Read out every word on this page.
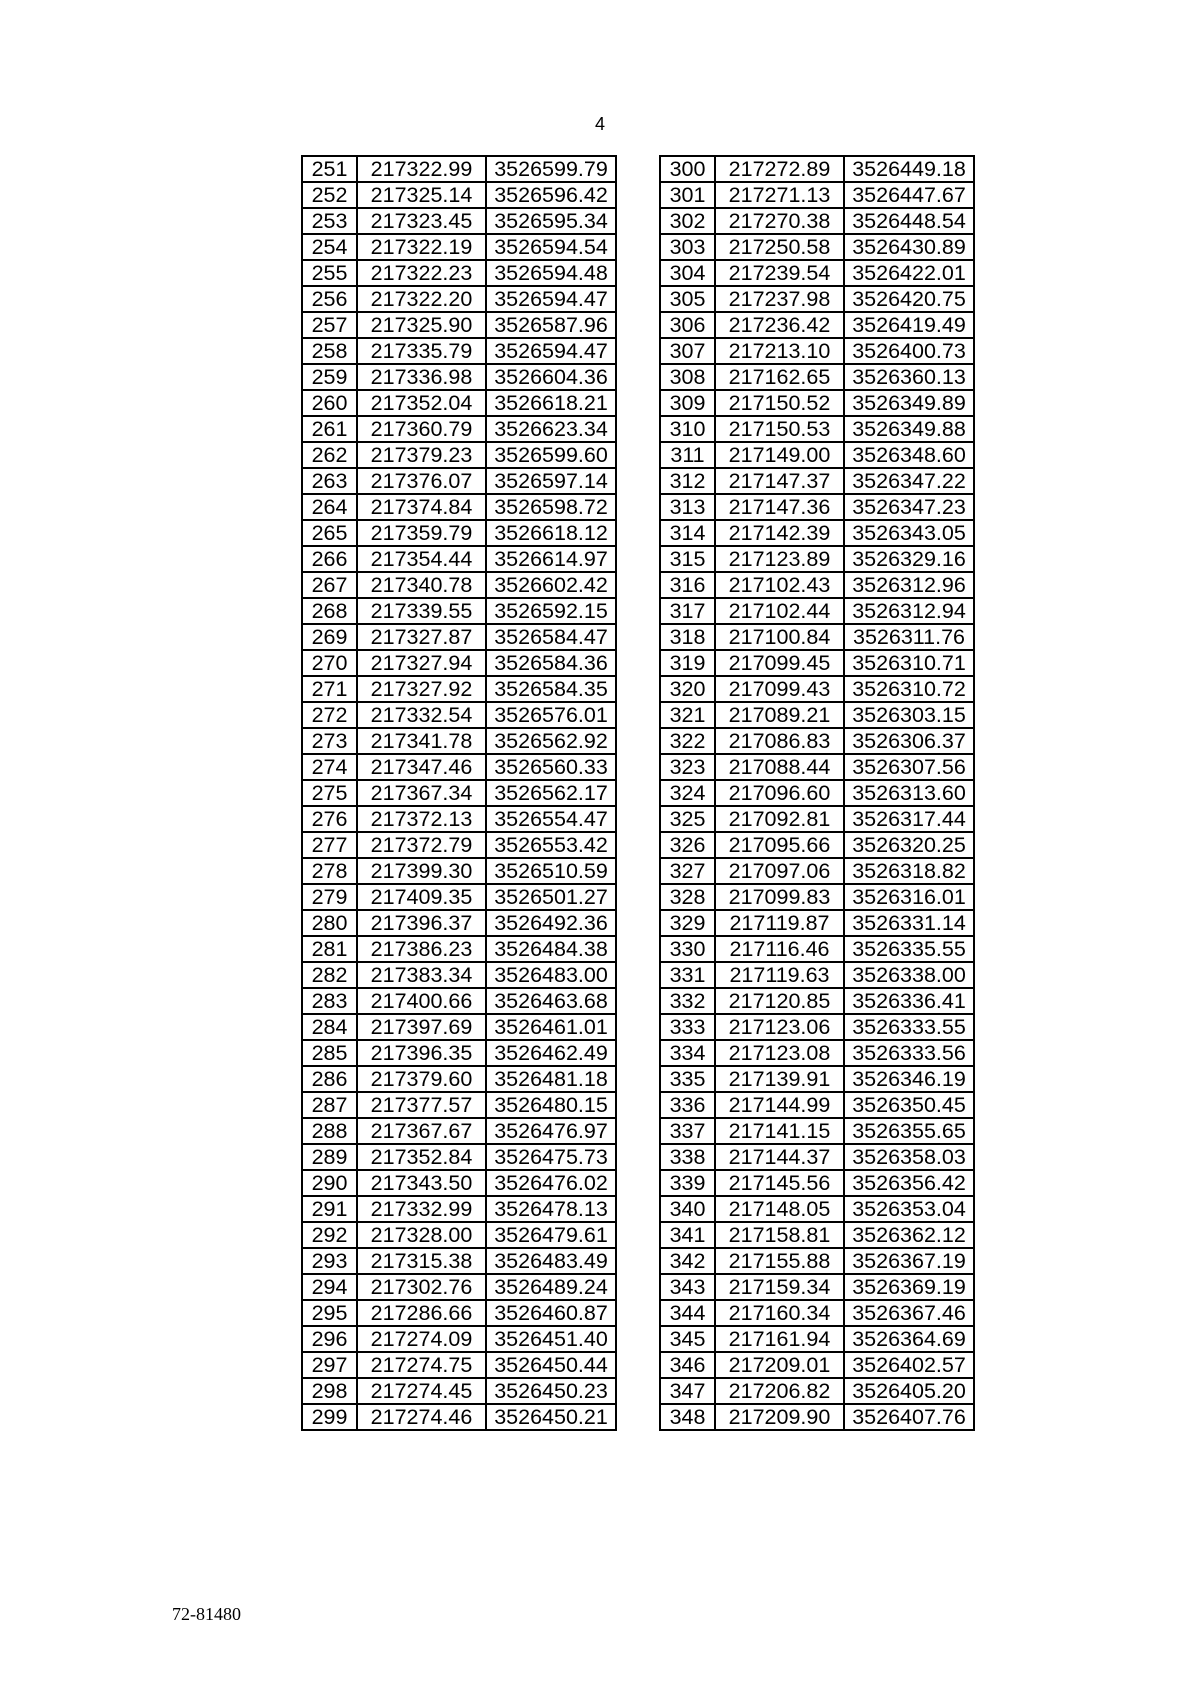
4
251	217322.99	3526599.79
252	217325.14	3526596.42
253	217323.45	3526595.34
254	217322.19	3526594.54
255	217322.23	3526594.48
256	217322.20	3526594.47
257	217325.90	3526587.96
258	217335.79	3526594.47
259	217336.98	3526604.36
260	217352.04	3526618.21
261	217360.79	3526623.34
262	217379.23	3526599.60
263	217376.07	3526597.14
264	217374.84	3526598.72
265	217359.79	3526618.12
266	217354.44	3526614.97
267	217340.78	3526602.42
268	217339.55	3526592.15
269	217327.87	3526584.47
270	217327.94	3526584.36
271	217327.92	3526584.35
272	217332.54	3526576.01
273	217341.78	3526562.92
274	217347.46	3526560.33
275	217367.34	3526562.17
276	217372.13	3526554.47
277	217372.79	3526553.42
278	217399.30	3526510.59
279	217409.35	3526501.27
280	217396.37	3526492.36
281	217386.23	3526484.38
282	217383.34	3526483.00
283	217400.66	3526463.68
284	217397.69	3526461.01
285	217396.35	3526462.49
286	217379.60	3526481.18
287	217377.57	3526480.15
288	217367.67	3526476.97
289	217352.84	3526475.73
290	217343.50	3526476.02
291	217332.99	3526478.13
292	217328.00	3526479.61
293	217315.38	3526483.49
294	217302.76	3526489.24
295	217286.66	3526460.87
296	217274.09	3526451.40
297	217274.75	3526450.44
298	217274.45	3526450.23
299	217274.46	3526450.21
300	217272.89	3526449.18
301	217271.13	3526447.67
302	217270.38	3526448.54
303	217250.58	3526430.89
304	217239.54	3526422.01
305	217237.98	3526420.75
306	217236.42	3526419.49
307	217213.10	3526400.73
308	217162.65	3526360.13
309	217150.52	3526349.89
310	217150.53	3526349.88
311	217149.00	3526348.60
312	217147.37	3526347.22
313	217147.36	3526347.23
314	217142.39	3526343.05
315	217123.89	3526329.16
316	217102.43	3526312.96
317	217102.44	3526312.94
318	217100.84	3526311.76
319	217099.45	3526310.71
320	217099.43	3526310.72
321	217089.21	3526303.15
322	217086.83	3526306.37
323	217088.44	3526307.56
324	217096.60	3526313.60
325	217092.81	3526317.44
326	217095.66	3526320.25
327	217097.06	3526318.82
328	217099.83	3526316.01
329	217119.87	3526331.14
330	217116.46	3526335.55
331	217119.63	3526338.00
332	217120.85	3526336.41
333	217123.06	3526333.55
334	217123.08	3526333.56
335	217139.91	3526346.19
336	217144.99	3526350.45
337	217141.15	3526355.65
338	217144.37	3526358.03
339	217145.56	3526356.42
340	217148.05	3526353.04
341	217158.81	3526362.12
342	217155.88	3526367.19
343	217159.34	3526369.19
344	217160.34	3526367.46
345	217161.94	3526364.69
346	217209.01	3526402.57
347	217206.82	3526405.20
348	217209.90	3526407.76
72-81480
